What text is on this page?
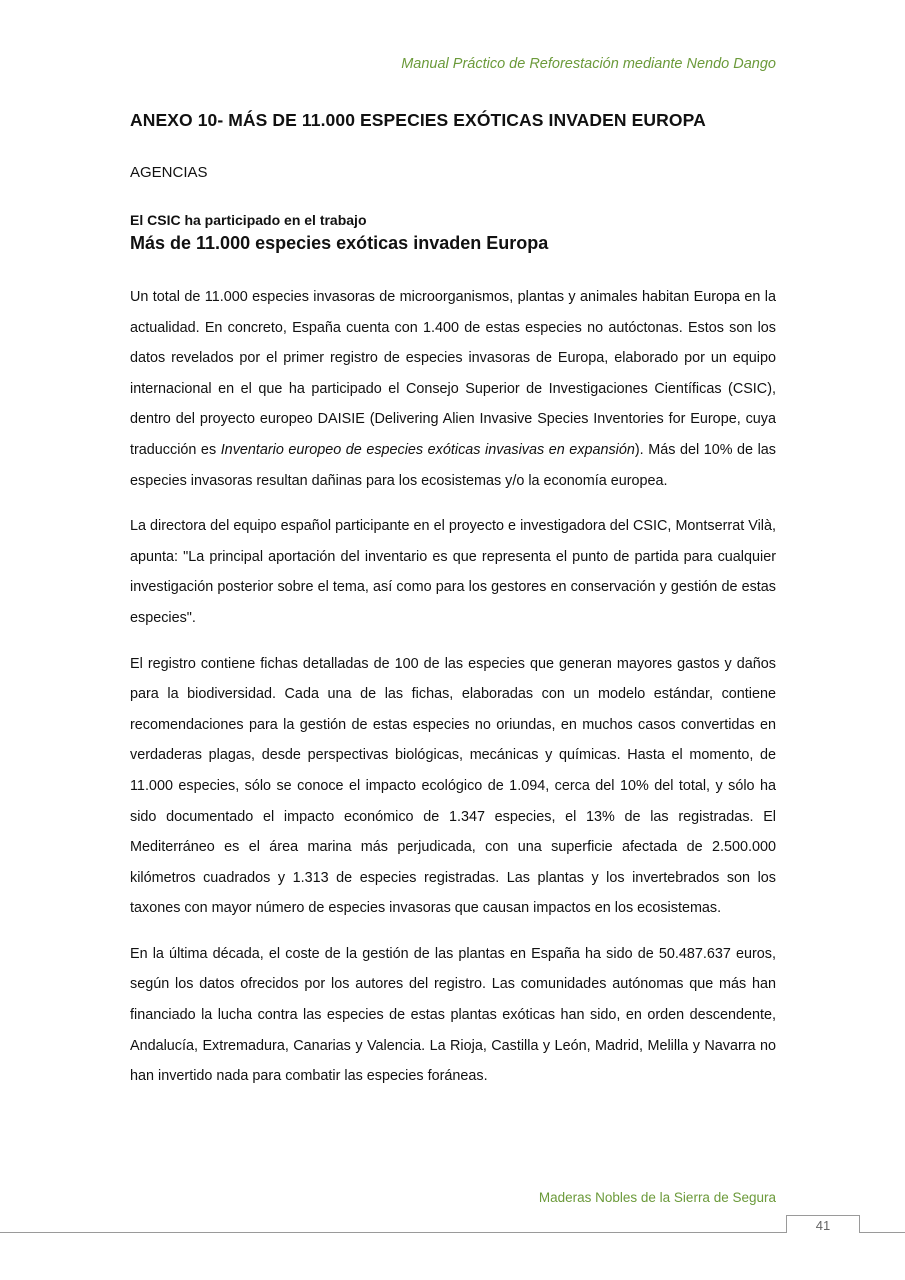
Manual Práctico de Reforestación mediante Nendo Dango
ANEXO 10- MÁS DE 11.000 ESPECIES EXÓTICAS INVADEN EUROPA
AGENCIAS
El CSIC ha participado en el trabajo
Más de 11.000 especies exóticas invaden Europa

Un total de 11.000 especies invasoras de microorganismos, plantas y animales habitan Europa en la actualidad. En concreto, España cuenta con 1.400 de estas especies no autóctonas. Estos son los datos revelados por el primer registro de especies invasoras de Europa, elaborado por un equipo internacional en el que ha participado el Consejo Superior de Investigaciones Científicas (CSIC), dentro del proyecto europeo DAISIE (Delivering Alien Invasive Species Inventories for Europe, cuya traducción es Inventario europeo de especies exóticas invasivas en expansión). Más del 10% de las especies invasoras resultan dañinas para los ecosistemas y/o la economía europea.

La directora del equipo español participante en el proyecto e investigadora del CSIC, Montserrat Vilà, apunta: "La principal aportación del inventario es que representa el punto de partida para cualquier investigación posterior sobre el tema, así como para los gestores en conservación y gestión de estas especies".

El registro contiene fichas detalladas de 100 de las especies que generan mayores gastos y daños para la biodiversidad. Cada una de las fichas, elaboradas con un modelo estándar, contiene recomendaciones para la gestión de estas especies no oriundas, en muchos casos convertidas en verdaderas plagas, desde perspectivas biológicas, mecánicas y químicas. Hasta el momento, de 11.000 especies, sólo se conoce el impacto ecológico de 1.094, cerca del 10% del total, y sólo ha sido documentado el impacto económico de 1.347 especies, el 13% de las registradas. El Mediterráneo es el área marina más perjudicada, con una superficie afectada de 2.500.000 kilómetros cuadrados y 1.313 de especies registradas. Las plantas y los invertebrados son los taxones con mayor número de especies invasoras que causan impactos en los ecosistemas.

En la última década, el coste de la gestión de las plantas en España ha sido de 50.487.637 euros, según los datos ofrecidos por los autores del registro. Las comunidades autónomas que más han financiado la lucha contra las especies de estas plantas exóticas han sido, en orden descendente, Andalucía, Extremadura, Canarias y Valencia. La Rioja, Castilla y León, Madrid, Melilla y Navarra no han invertido nada para combatir las especies foráneas.

Maderas Nobles de la Sierra de Segura
41
